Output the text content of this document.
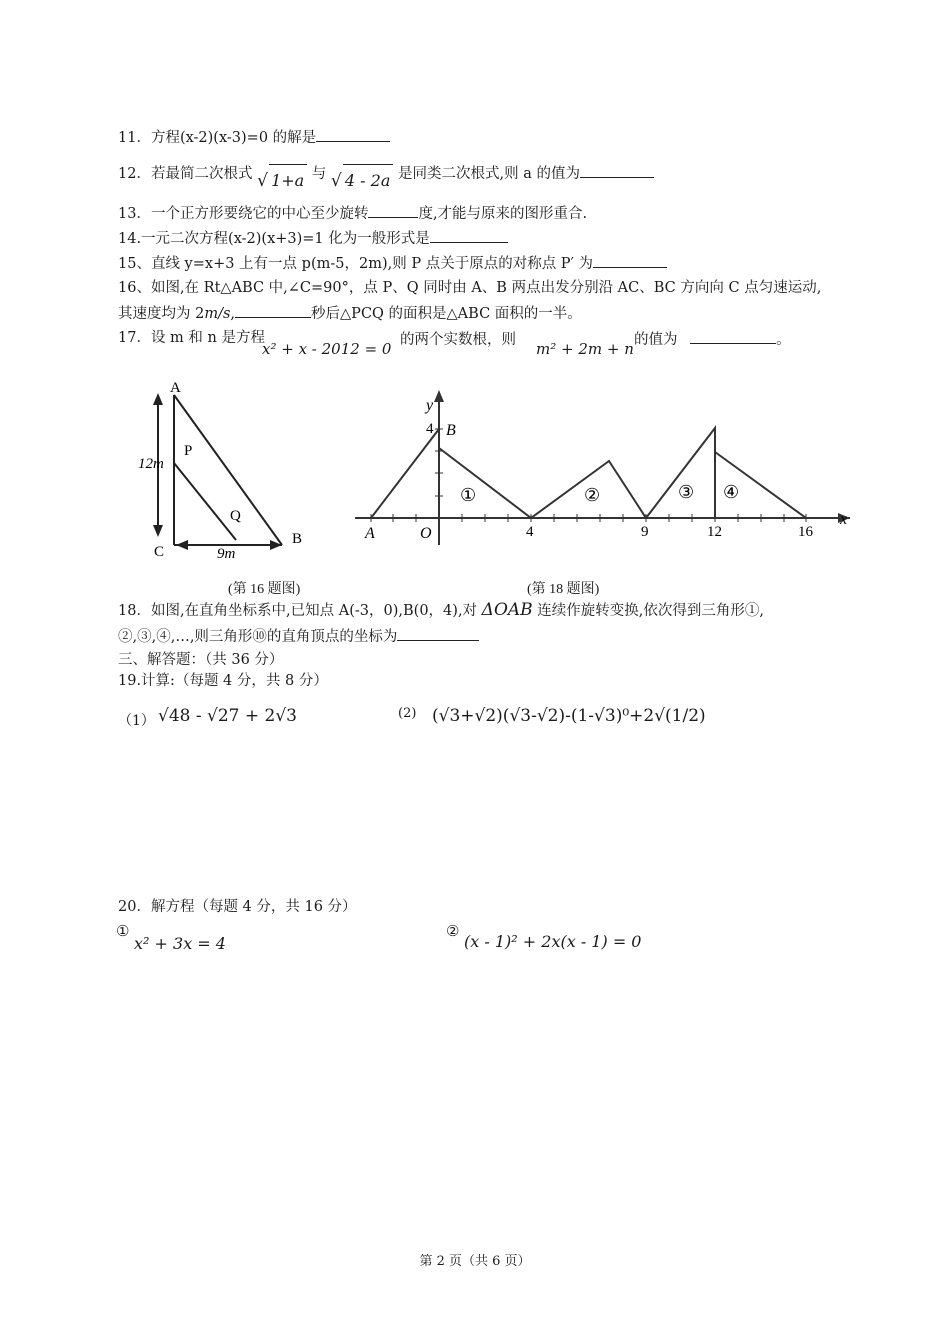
11．方程(x-2)(x-3)=0 的解是
12．若最简二次根式 √ 1+a 与 √ 4 - 2a 是同类二次根式,则 a 的值为
13．一个正方形要绕它的中心至少旋转	度,才能与原来的图形重合.
14.一元二次方程(x-2)(x+3)=1 化为一般形式是
15、直线 y=x+3 上有一点 p(m-5，2m),则 P 点关于原点的对称点 P′ 为
16、如图,在 Rt△ABC 中,∠C=90°，点 P、Q 同时由 A、B 两点出发分别沿 AC、BC 方向向 C 点匀速运动,
其速度均为 2m/s,	秒后△PCQ 的面积是△ABC 面积的一半。
17．设 m 和 n 是方程
x² + x - 2012 = 0 的两个实数根，则 m² + 2m + n 的值为	。
A
P
Q
C
B
12m
9m
y
4 B
A	O	4	9	12	16
x
①	②	③ ④
(第 16 题图)	(第 18 题图)
18．如图,在直角坐标系中,已知点 A(-3，0),B(0，4),对 ΔOAB 连续作旋转变换,依次得到三角形①,
②,③,④,…,则三角形⑩的直角顶点的坐标为
三、解答题：（共 36 分）
19.计算:（每题 4 分，共 8 分）
（1） √48 - √27 + 2√3	(2) (√3+√2)(√3-√2)-(1-√3)⁰+2√(1/2)
20．解方程（每题 4 分，共 16 分）
①
x² + 3x = 4
②
(x - 1)² + 2x(x - 1) = 0
第 2 页（共 6 页）
